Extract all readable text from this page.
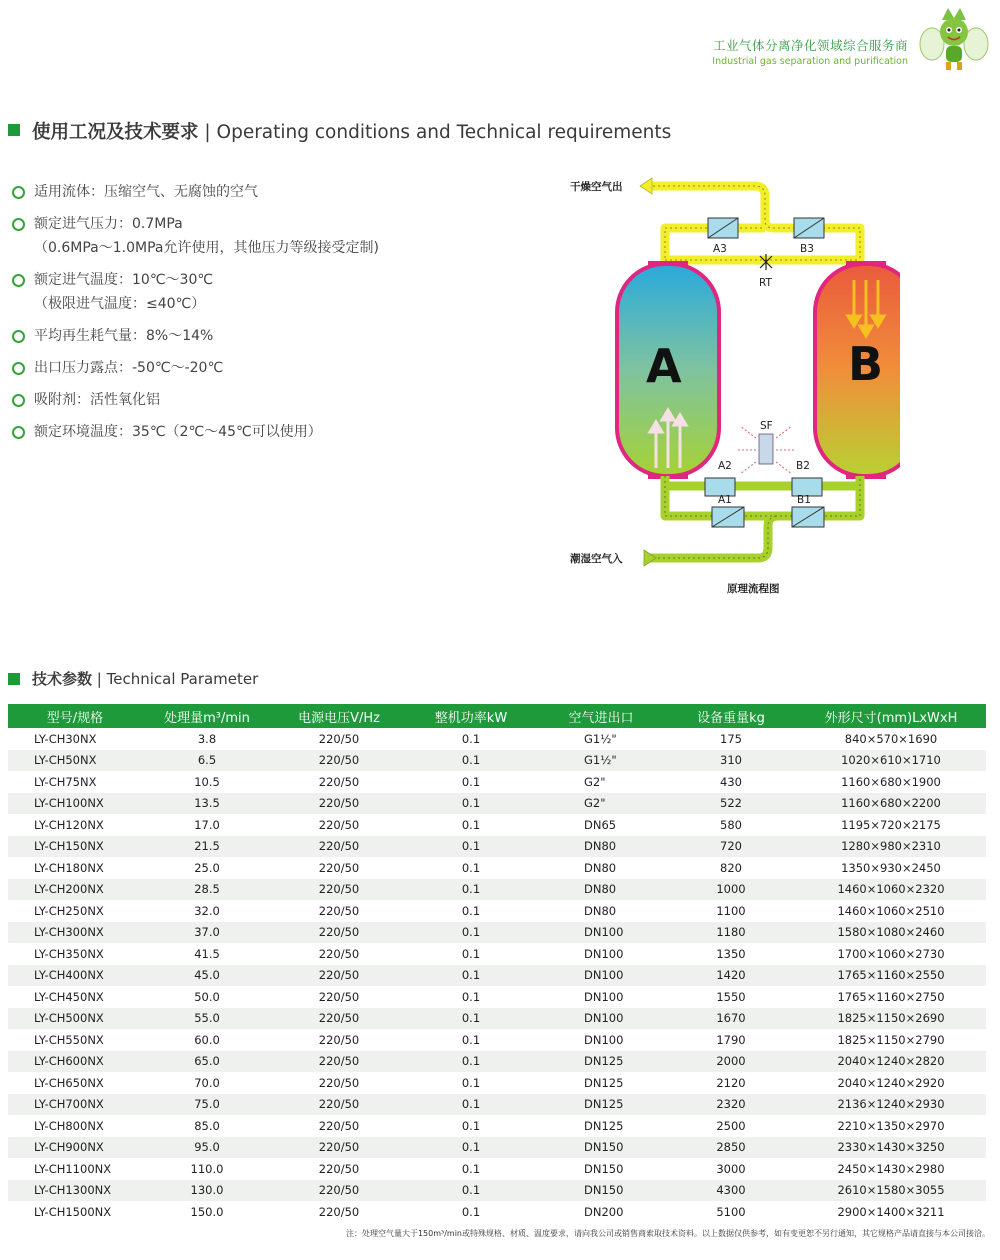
工业气体分离净化领域综合服务商
Industrial gas separation and purification
使用工况及技术要求 | Operating conditions and Technical requirements
适用流体：压缩空气、无腐蚀的空气
额定进气压力：0.7MPa
（0.6MPa～1.0MPa允许使用，其他压力等级接受定制)
额定进气温度：10℃～30℃
（极限进气温度：≤40℃）
平均再生耗气量：8%～14%
出口压力露点：-50℃～-20℃
吸附剂：活性氧化铝
额定环境温度：35℃（2℃～45℃可以使用）
A	B
A3	B3
RT
SF
A2	B2
A1	B1
干燥空气出
潮湿空气入
原理流程图
技术参数 | Technical Parameter
型号/规格	处理量m³/min	电源电压V/Hz	整机功率kW	空气进出口	设备重量kg	外形尺寸(mm)LxWxH
LY-CH30NX	3.8	220/50	0.1	G1½"	175	840×570×1690
LY-CH50NX	6.5	220/50	0.1	G1½"	310	1020×610×1710
LY-CH75NX	10.5	220/50	0.1	G2"	430	1160×680×1900
LY-CH100NX	13.5	220/50	0.1	G2"	522	1160×680×2200
LY-CH120NX	17.0	220/50	0.1	DN65	580	1195×720×2175
LY-CH150NX	21.5	220/50	0.1	DN80	720	1280×980×2310
LY-CH180NX	25.0	220/50	0.1	DN80	820	1350×930×2450
LY-CH200NX	28.5	220/50	0.1	DN80	1000	1460×1060×2320
LY-CH250NX	32.0	220/50	0.1	DN80	1100	1460×1060×2510
LY-CH300NX	37.0	220/50	0.1	DN100	1180	1580×1080×2460
LY-CH350NX	41.5	220/50	0.1	DN100	1350	1700×1060×2730
LY-CH400NX	45.0	220/50	0.1	DN100	1420	1765×1160×2550
LY-CH450NX	50.0	220/50	0.1	DN100	1550	1765×1160×2750
LY-CH500NX	55.0	220/50	0.1	DN100	1670	1825×1150×2690
LY-CH550NX	60.0	220/50	0.1	DN100	1790	1825×1150×2790
LY-CH600NX	65.0	220/50	0.1	DN125	2000	2040×1240×2820
LY-CH650NX	70.0	220/50	0.1	DN125	2120	2040×1240×2920
LY-CH700NX	75.0	220/50	0.1	DN125	2320	2136×1240×2930
LY-CH800NX	85.0	220/50	0.1	DN125	2500	2210×1350×2970
LY-CH900NX	95.0	220/50	0.1	DN150	2850	2330×1430×3250
LY-CH1100NX	110.0	220/50	0.1	DN150	3000	2450×1430×2980
LY-CH1300NX	130.0	220/50	0.1	DN150	4300	2610×1580×3055
LY-CH1500NX	150.0	220/50	0.1	DN200	5100	2900×1400×3211
注：处理空气量大于150m³/min或特殊规格、材质、温度要求，请向我公司或销售商索取技术资料。以上数据仅供参考，如有变更恕不另行通知，其它规格产品请直接与本公司接洽。
